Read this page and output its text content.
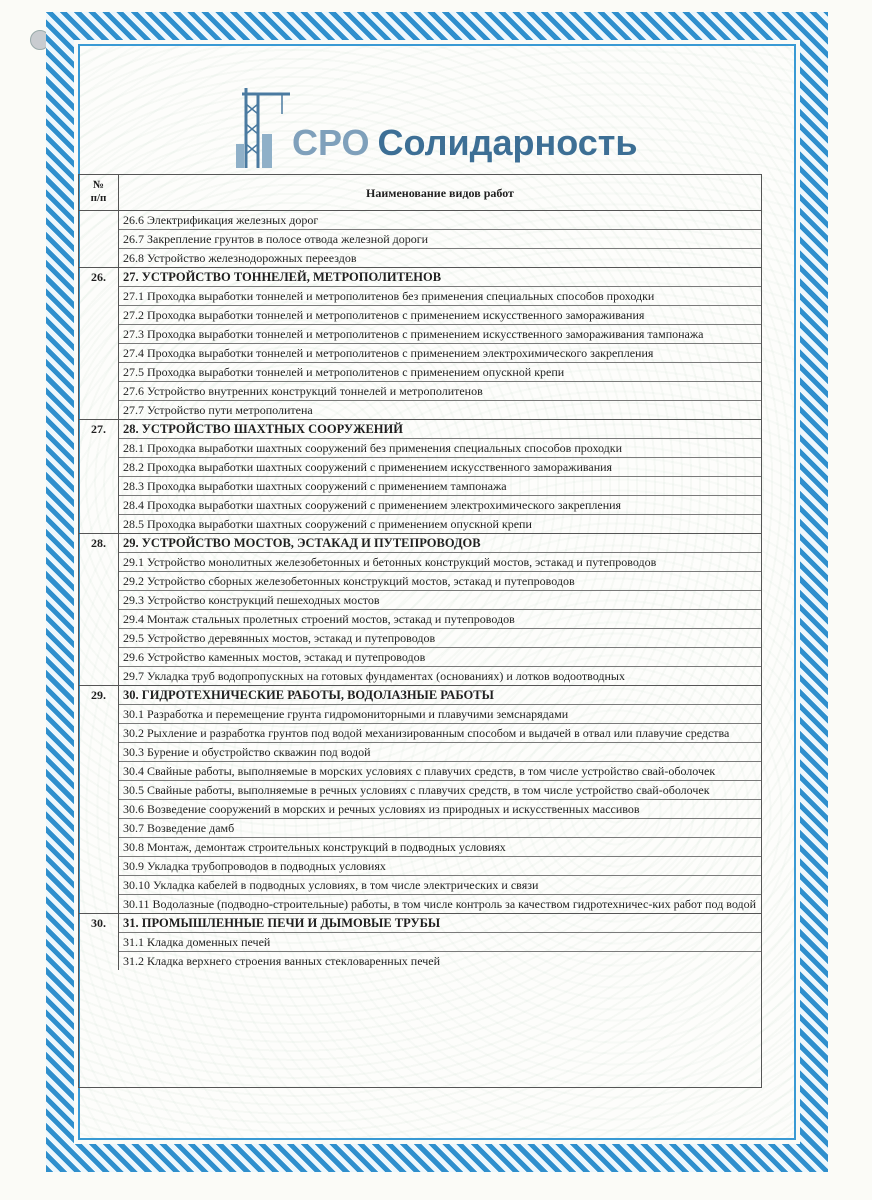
СРО Солидарность
№
п/п	Наименование видов работ
26.6 Электрификация железных дорог
26.7 Закрепление грунтов в полосе отвода железной дороги
26.8 Устройство железнодорожных переездов
26.	27. УСТРОЙСТВО ТОННЕЛЕЙ, МЕТРОПОЛИТЕНОВ
27.1 Проходка выработки тоннелей и метрополитенов без применения специальных способов проходки
27.2 Проходка выработки тоннелей и метрополитенов с применением искусственного замораживания
27.3 Проходка выработки тоннелей и метрополитенов с применением искусственного замораживания тампонажа
27.4 Проходка выработки тоннелей и метрополитенов с применением электрохимического закрепления
27.5 Проходка выработки тоннелей и метрополитенов с применением опускной крепи
27.6 Устройство внутренних конструкций тоннелей и метрополитенов
27.7 Устройство пути метрополитена
27.	28. УСТРОЙСТВО ШАХТНЫХ СООРУЖЕНИЙ
28.1 Проходка выработки шахтных сооружений без применения специальных способов проходки
28.2 Проходка выработки шахтных сооружений с применением искусственного замораживания
28.3 Проходка выработки шахтных сооружений с применением тампонажа
28.4 Проходка выработки шахтных сооружений с применением электрохимического закрепления
28.5 Проходка выработки шахтных сооружений с применением опускной крепи
28.	29. УСТРОЙСТВО МОСТОВ, ЭСТАКАД И ПУТЕПРОВОДОВ
29.1 Устройство монолитных железобетонных и бетонных конструкций мостов, эстакад и путепроводов
29.2 Устройство сборных железобетонных конструкций мостов, эстакад и путепроводов
29.3 Устройство конструкций пешеходных мостов
29.4 Монтаж стальных пролетных строений мостов, эстакад и путепроводов
29.5 Устройство деревянных мостов, эстакад и путепроводов
29.6 Устройство каменных мостов, эстакад и путепроводов
29.7 Укладка труб водопропускных на готовых фундаментах (основаниях) и лотков водоотводных
29.	30. ГИДРОТЕХНИЧЕСКИЕ РАБОТЫ, ВОДОЛАЗНЫЕ РАБОТЫ
30.1 Разработка и перемещение грунта гидромониторными и плавучими земснарядами
30.2 Рыхление и разработка грунтов под водой механизированным способом и выдачей в отвал или плавучие средства
30.3 Бурение и обустройство скважин под водой
30.4 Свайные работы, выполняемые в морских условиях с плавучих средств, в том числе устройство свай-оболочек
30.5 Свайные работы, выполняемые в речных условиях с плавучих средств, в том числе устройство свай-оболочек
30.6 Возведение сооружений в морских и речных условиях из природных и искусственных массивов
30.7 Возведение дамб
30.8 Монтаж, демонтаж строительных конструкций в подводных условиях
30.9 Укладка трубопроводов в подводных условиях
30.10 Укладка кабелей в подводных условиях, в том числе электрических и связи
30.11 Водолазные (подводно-строительные) работы, в том числе контроль за качеством гидротехничес-ких работ под водой
30.	31. ПРОМЫШЛЕННЫЕ ПЕЧИ И ДЫМОВЫЕ ТРУБЫ
31.1 Кладка доменных печей
31.2 Кладка верхнего строения ванных стекловаренных печей
